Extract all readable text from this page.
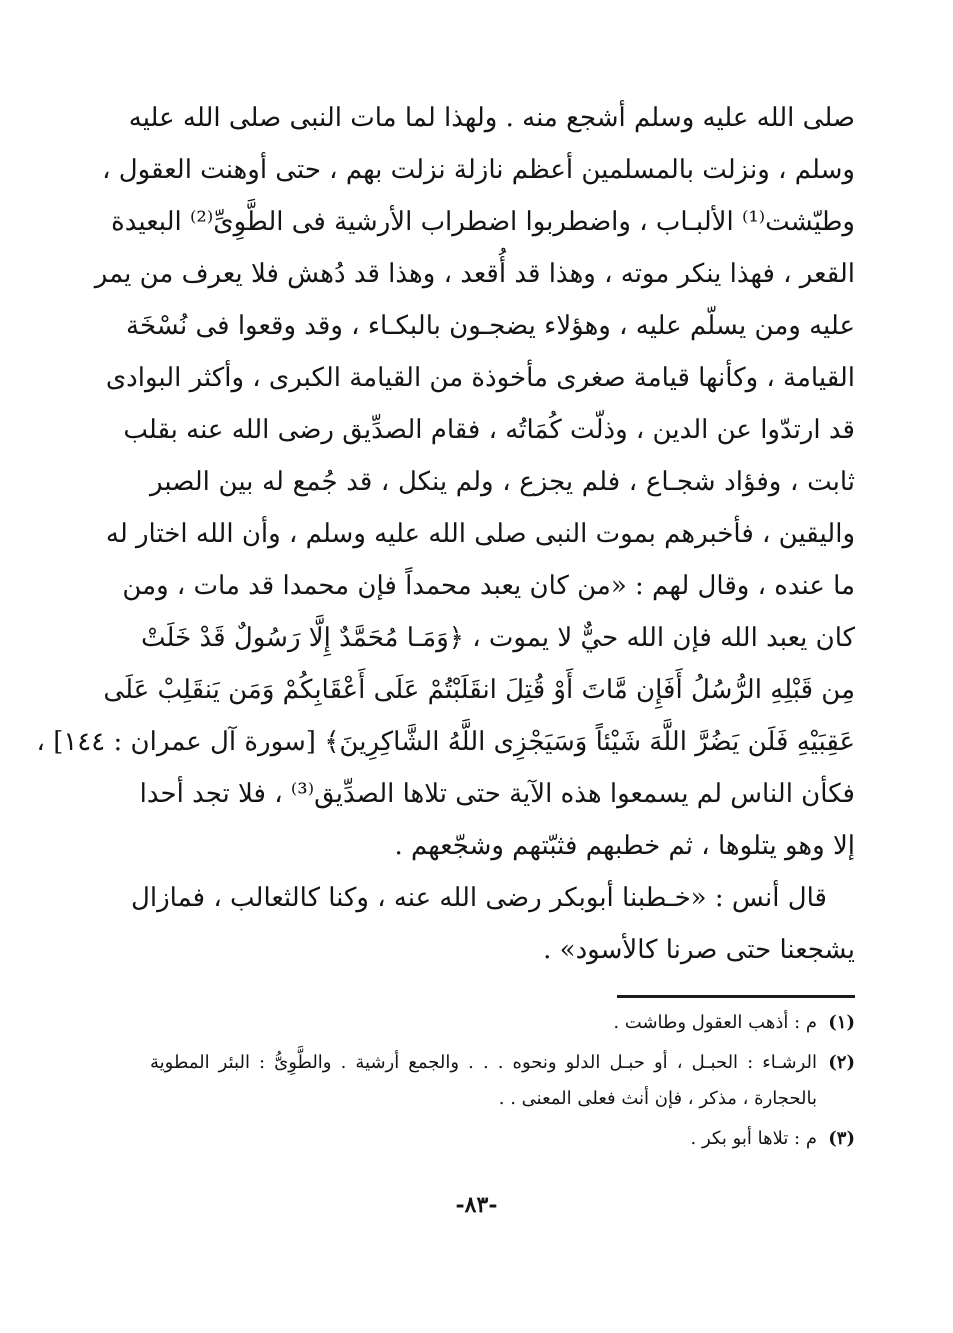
صلى الله عليه وسلم أشجع منه . ولهذا لما مات النبى صلى الله عليه
وسلم ، ونزلت بالمسلمين أعظم نازلة نزلت بهم ، حتى أوهنت العقول ،
وطيّشت⁽¹⁾ الألبـاب ، واضطربوا اضطراب الأرشية فى الطَّوِىِّ⁽²⁾ البعيدة
القعر ، فهذا ينكر موته ، وهذا قد أُقعد ، وهذا قد دُهش فلا يعرف من يمر
عليه ومن يسلّم عليه ، وهؤلاء يضجـون بالبكـاء ، وقد وقعوا فى نُسْخَة
القيامة ، وكأنها قيامة صغرى مأخوذة من القيامة الكبرى ، وأكثر البوادى
قد ارتدّوا عن الدين ، وذلّت كُمَاتُه ، فقام الصدِّيق رضى الله عنه بقلب
ثابت ، وفؤاد شجـاع ، فلم يجزع ، ولم ينكل ، قد جُمع له بين الصبر
واليقين ، فأخبرهم بموت النبى صلى الله عليه وسلم ، وأن الله اختار له
ما عنده ، وقال لهم : «من كان يعبد محمداً فإن محمدا قد مات ، ومن
كان يعبد الله فإن الله حيٌّ لا يموت ، ﴿وَمَـا مُحَمَّدٌ إِلَّا رَسُولٌ قَدْ خَلَتْ
مِن قَبْلِهِ الرُّسُلُ أَفَإِن مَّاتَ أَوْ قُتِلَ انقَلَبْتُمْ عَلَى أَعْقَابِكُمْ وَمَن يَنقَلِبْ عَلَى
عَقِبَيْهِ فَلَن يَضُرَّ اللَّهَ شَيْئاً وَسَيَجْزِى اللَّهُ الشَّاكِرِينَ﴾ [سورة آل عمران : ١٤٤] ،
فكأن الناس لم يسمعوا هذه الآية حتى تلاها الصدِّيق⁽³⁾ ، فلا تجد أحدا
إلا وهو يتلوها ، ثم خطبهم فثبّتهم وشجّعهم .
قال أنس : «خـطبنا أبوبكر رضى الله عنه ، وكنا كالثعالب ، فمازال
يشجعنا حتى صرنا كالأسود» .
(١)
م : أذهب العقول وطاشت .
(٢)
الرشـاء : الحبـل ، أو حبـل الدلو ونحوه . . . والجمع أرشية . والطَّوِىُّ : البئر المطوية
بالحجارة ، مذكر ، فإن أنث فعلى المعنى . .
(٣)
م : تلاها أبو بكر .
-٨٣-
